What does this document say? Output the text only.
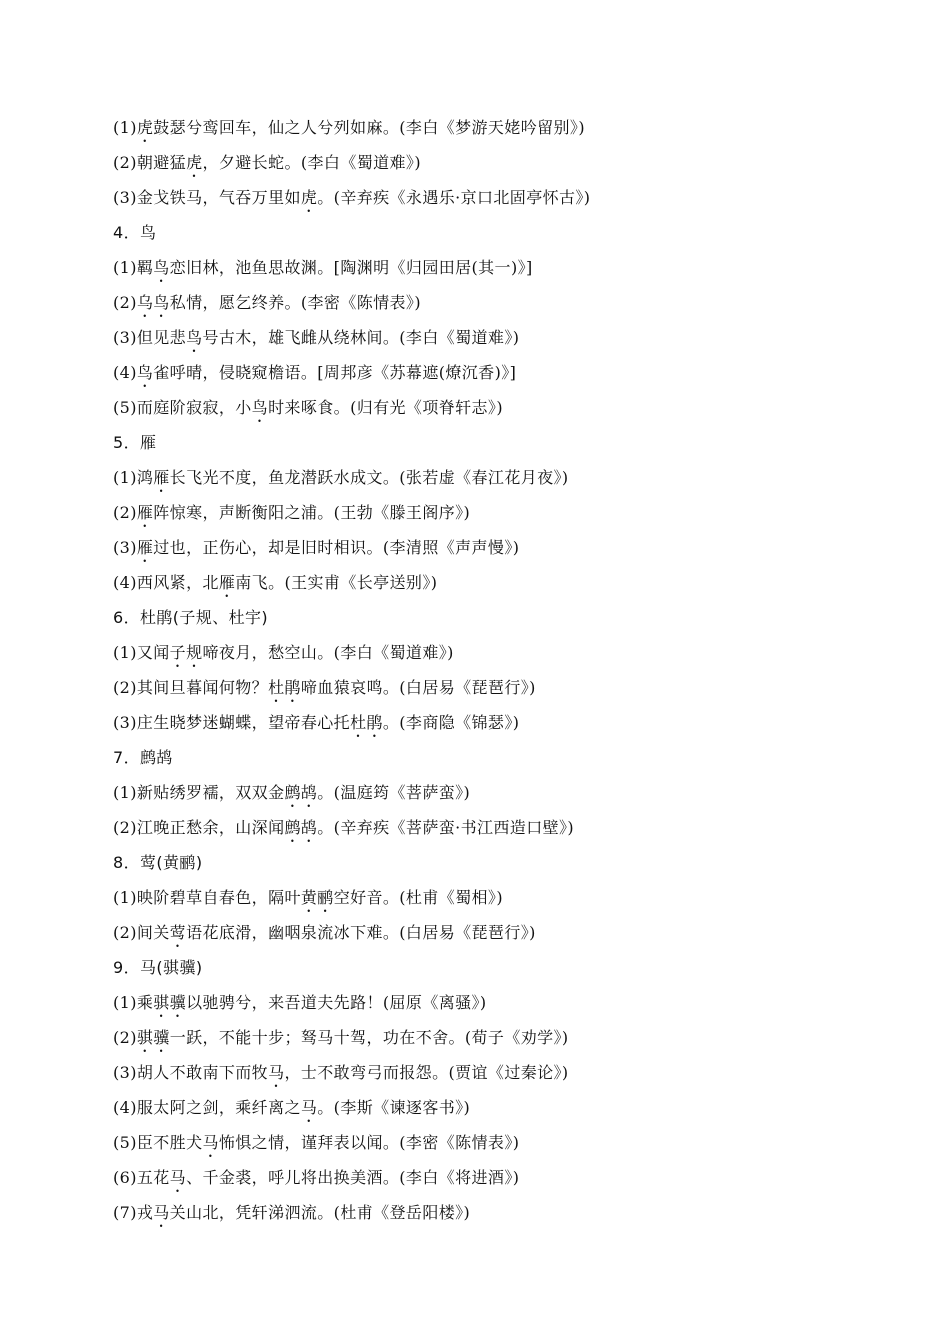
(1)虎鼓瑟兮鸾回车，仙之人兮列如麻。(李白《梦游天姥吟留别》)
(2)朝避猛虎，夕避长蛇。(李白《蜀道难》)
(3)金戈铁马，气吞万里如虎。(辛弃疾《永遇乐·京口北固亭怀古》)
4．鸟
(1)羁鸟恋旧林，池鱼思故渊。[陶渊明《归园田居(其一)》]
(2)乌鸟私情，愿乞终养。(李密《陈情表》)
(3)但见悲鸟号古木，雄飞雌从绕林间。(李白《蜀道难》)
(4)鸟雀呼晴，侵晓窥檐语。[周邦彦《苏幕遮(燎沉香)》]
(5)而庭阶寂寂，小鸟时来啄食。(归有光《项脊轩志》)
5．雁
(1)鸿雁长飞光不度，鱼龙潜跃水成文。(张若虚《春江花月夜》)
(2)雁阵惊寒，声断衡阳之浦。(王勃《滕王阁序》)
(3)雁过也，正伤心，却是旧时相识。(李清照《声声慢》)
(4)西风紧，北雁南飞。(王实甫《长亭送别》)
6．杜鹃(子规、杜宇)
(1)又闻子规啼夜月，愁空山。(李白《蜀道难》)
(2)其间旦暮闻何物？杜鹃啼血猿哀鸣。(白居易《琵琶行》)
(3)庄生晓梦迷蝴蝶，望帝春心托杜鹃。(李商隐《锦瑟》)
7．鹧鸪
(1)新贴绣罗襦，双双金鹧鸪。(温庭筠《菩萨蛮》)
(2)江晚正愁余，山深闻鹧鸪。(辛弃疾《菩萨蛮·书江西造口壁》)
8．莺(黄鹂)
(1)映阶碧草自春色，隔叶黄鹂空好音。(杜甫《蜀相》)
(2)间关莺语花底滑，幽咽泉流冰下难。(白居易《琵琶行》)
9．马(骐骥)
(1)乘骐骥以驰骋兮，来吾道夫先路！(屈原《离骚》)
(2)骐骥一跃，不能十步；驽马十驾，功在不舍。(荀子《劝学》)
(3)胡人不敢南下而牧马，士不敢弯弓而报怨。(贾谊《过秦论》)
(4)服太阿之剑，乘纤离之马。(李斯《谏逐客书》)
(5)臣不胜犬马怖惧之情，谨拜表以闻。(李密《陈情表》)
(6)五花马、千金裘，呼儿将出换美酒。(李白《将进酒》)
(7)戎马关山北，凭轩涕泗流。(杜甫《登岳阳楼》)
